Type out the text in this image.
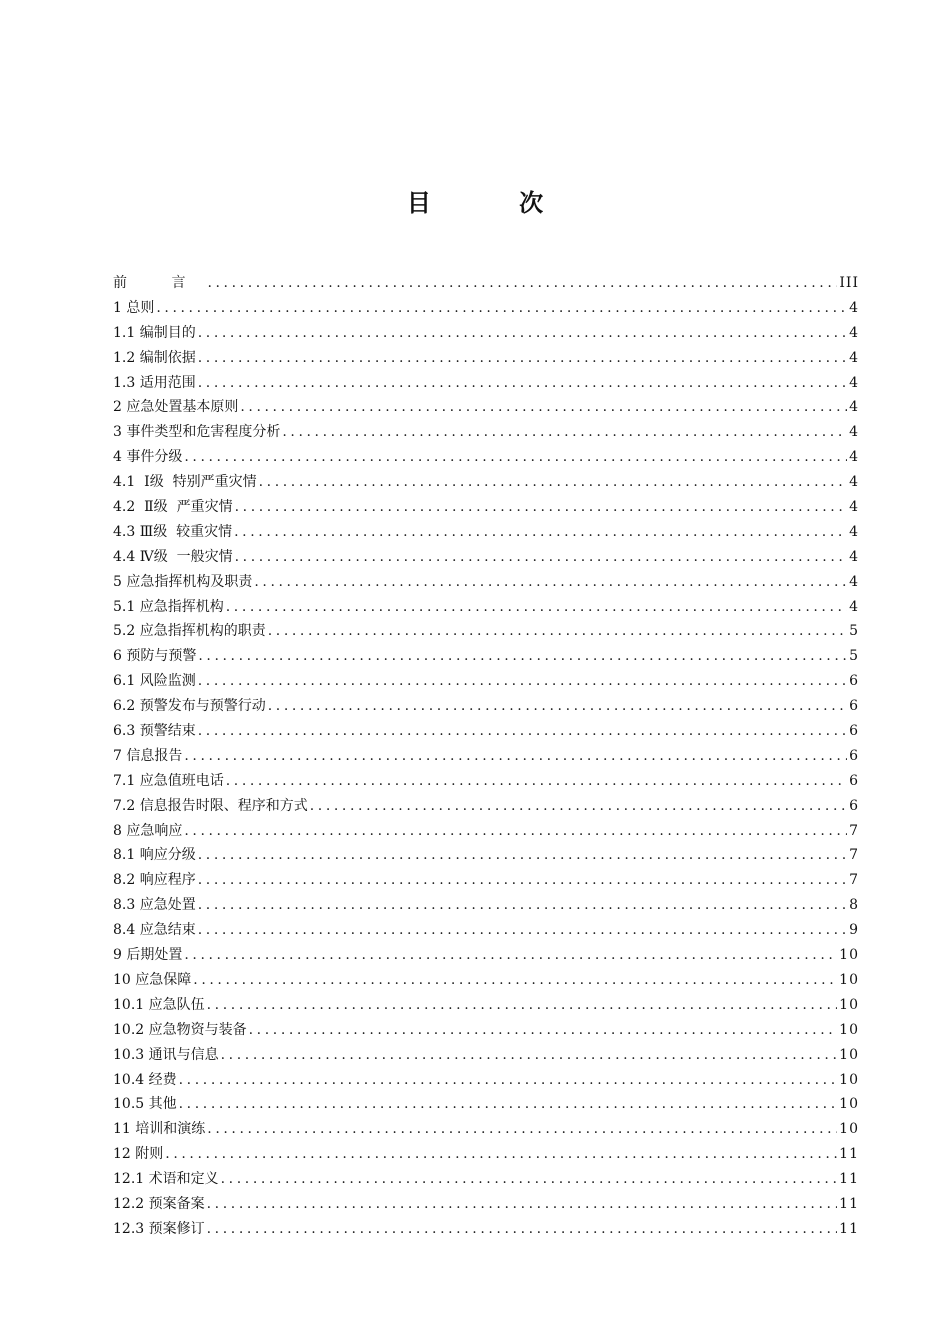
目 次
前 言 .....	III
1 总则 .....	4
1.1 编制目的 .....	4
1.2 编制依据 .....	4
1.3 适用范围 .....	4
2 应急处置基本原则 .....	4
3 事件类型和危害程度分析 .....	4
4 事件分级 .....	4
4.1  Ⅰ级  特别严重灾情 .....	4
4.2  Ⅱ级  严重灾情 .....	4
4.3 Ⅲ级  较重灾情 .....	4
4.4 Ⅳ级  一般灾情 .....	4
5 应急指挥机构及职责 .....	4
5.1 应急指挥机构 .....	4
5.2 应急指挥机构的职责 .....	5
6 预防与预警 .....	5
6.1 风险监测 .....	6
6.2 预警发布与预警行动 .....	6
6.3 预警结束 .....	6
7 信息报告 .....	6
7.1 应急值班电话 .....	6
7.2 信息报告时限、程序和方式 .....	6
8 应急响应 .....	7
8.1 响应分级 .....	7
8.2 响应程序 .....	7
8.3 应急处置 .....	8
8.4 应急结束 .....	9
9 后期处置 .....	10
10 应急保障 .....	10
10.1 应急队伍 .....	10
10.2 应急物资与装备 .....	10
10.3 通讯与信息 .....	10
10.4 经费 .....	10
10.5 其他 .....	10
11 培训和演练 .....	10
12 附则 .....	11
12.1 术语和定义 .....	11
12.2 预案备案 .....	11
12.3 预案修订 .....	11
